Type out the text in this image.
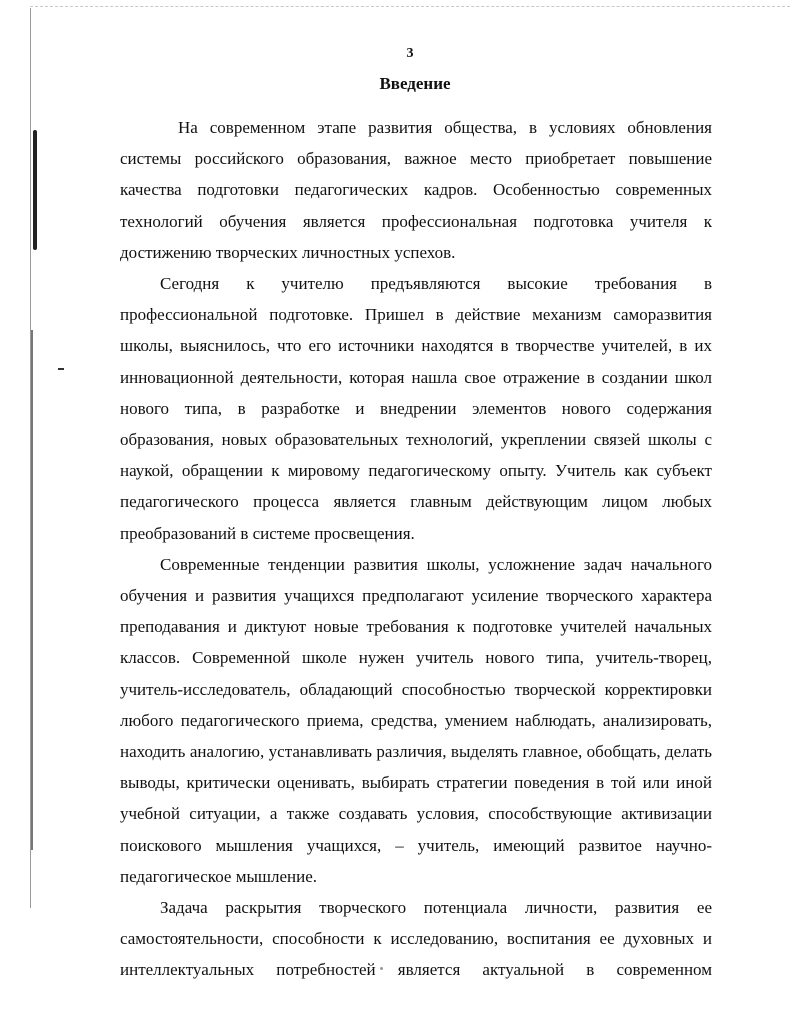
3
Введение

На современном этапе развития общества, в условиях обновления системы российского образования, важное место приобретает повышение качества подготовки педагогических кадров. Особенностью современных технологий обучения является профессиональная подготовка учителя к достижению творческих личностных успехов.

Сегодня к учителю предъявляются высокие требования в профессиональной подготовке. Пришел в действие механизм саморазвития школы, выяснилось, что его источники находятся в творчестве учителей, в их инновационной деятельности, которая нашла свое отражение в создании школ нового типа, в разработке и внедрении элементов нового содержания образования, новых образовательных технологий, укреплении связей школы с наукой, обращении к мировому педагогическому опыту. Учитель как субъект педагогического процесса является главным действующим лицом любых преобразований в системе просвещения.

Современные тенденции развития школы, усложнение задач начального обучения и развития учащихся предполагают усиление творческого характера преподавания и диктуют новые требования к подготовке учителей начальных классов. Современной школе нужен учитель нового типа, учитель-творец, учитель-исследователь, обладающий способностью творческой корректировки любого педагогического приема, средства, умением наблюдать, анализировать, находить аналогию, устанавливать различия, выделять главное, обобщать, делать выводы, критически оценивать, выбирать стратегии поведения в той или иной учебной ситуации, а также создавать условия, способствующие активизации поискового мышления учащихся, – учитель, имеющий развитое научно-педагогическое мышление.

Задача раскрытия творческого потенциала личности, развития ее самостоятельности, способности к исследованию, воспитания ее духовных и интеллектуальных потребностей является актуальной в современном
